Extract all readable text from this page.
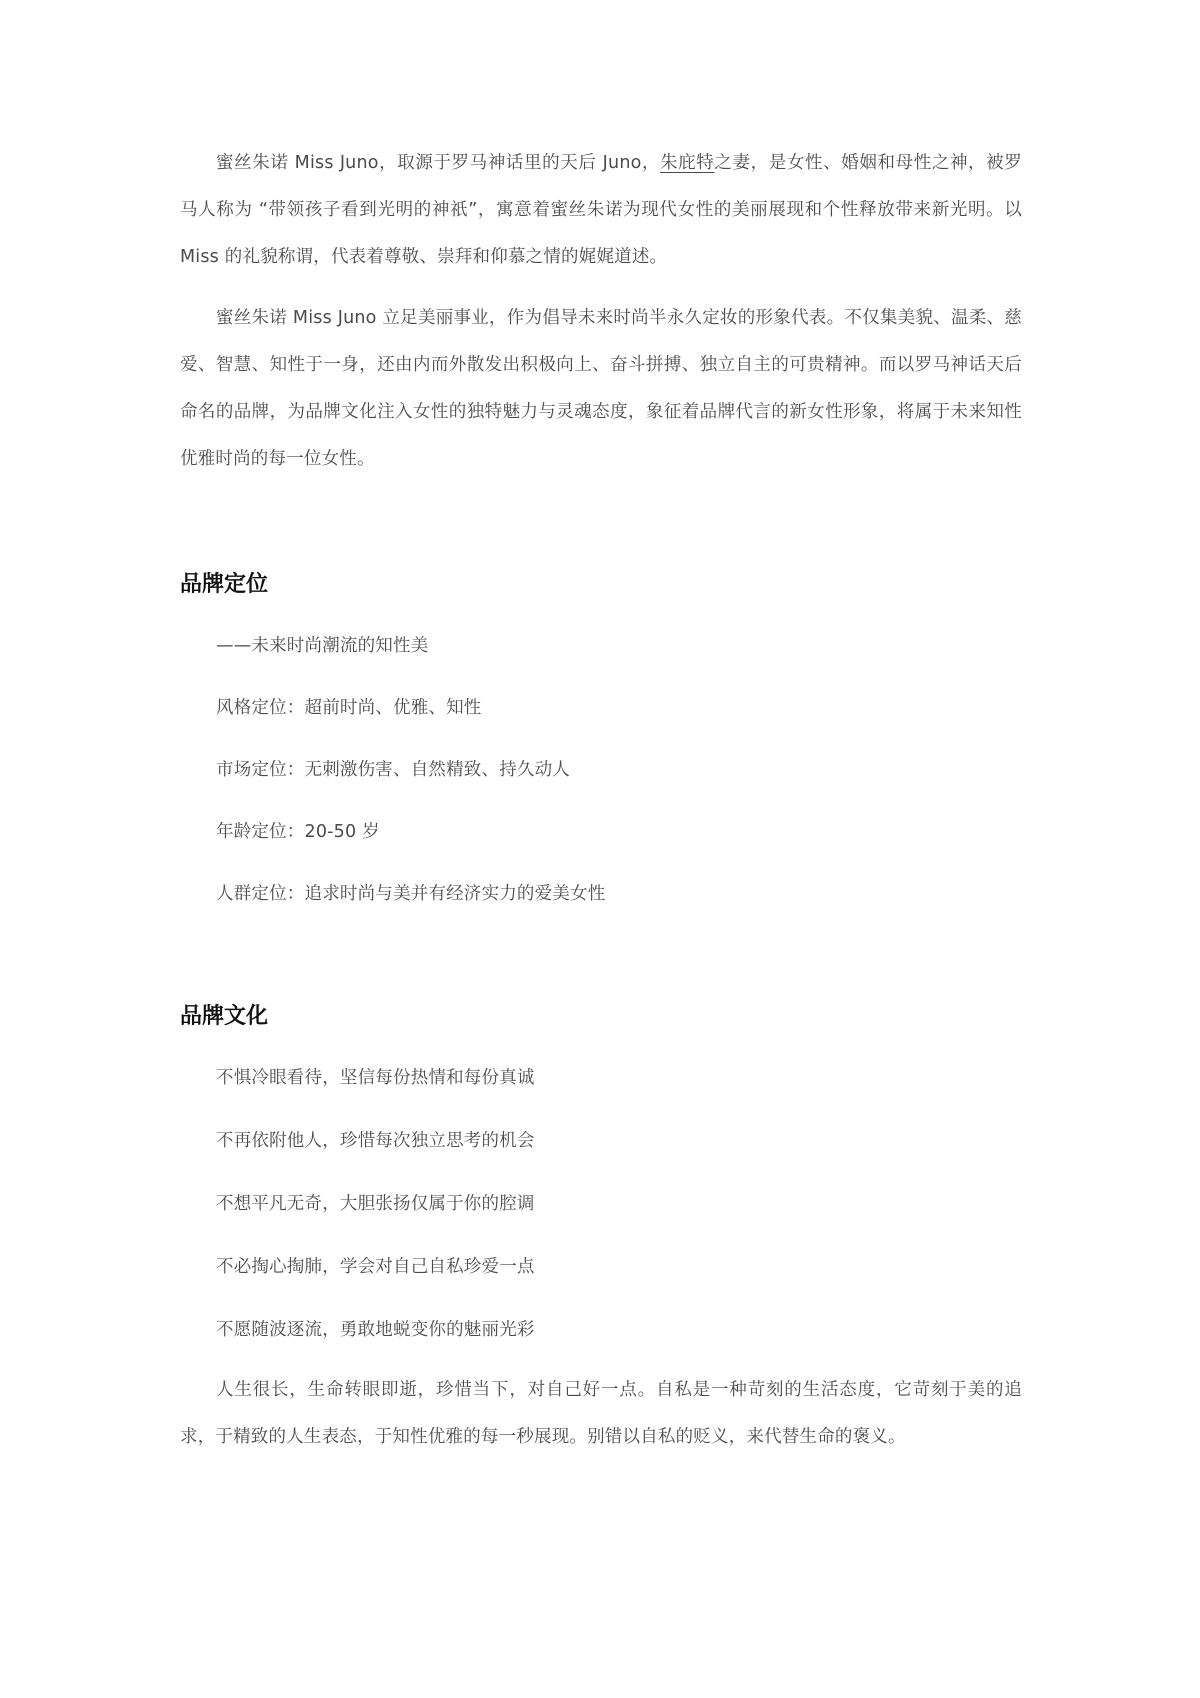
蜜丝朱诺 Miss Juno，取源于罗马神话里的天后 Juno，朱庇特之妻，是女性、婚姻和母性之神，被罗马人称为 “带领孩子看到光明的神祇”，寓意着蜜丝朱诺为现代女性的美丽展现和个性释放带来新光明。以 Miss 的礼貌称谓，代表着尊敬、崇拜和仰慕之情的娓娓道述。

蜜丝朱诺 Miss Juno 立足美丽事业，作为倡导未来时尚半永久定妆的形象代表。不仅集美貌、温柔、慈爱、智慧、知性于一身，还由内而外散发出积极向上、奋斗拼搏、独立自主的可贵精神。而以罗马神话天后命名的品牌，为品牌文化注入女性的独特魅力与灵魂态度，象征着品牌代言的新女性形象，将属于未来知性优雅时尚的每一位女性。

品牌定位

——未来时尚潮流的知性美

风格定位：超前时尚、优雅、知性

市场定位：无刺激伤害、自然精致、持久动人

年龄定位：20-50 岁

人群定位：追求时尚与美并有经济实力的爱美女性

品牌文化

不惧冷眼看待，坚信每份热情和每份真诚

不再依附他人，珍惜每次独立思考的机会

不想平凡无奇，大胆张扬仅属于你的腔调

不必掏心掏肺，学会对自己自私珍爱一点

不愿随波逐流，勇敢地蜕变你的魅丽光彩

人生很长，生命转眼即逝，珍惜当下，对自己好一点。自私是一种苛刻的生活态度，它苛刻于美的追求，于精致的人生表态，于知性优雅的每一秒展现。别错以自私的贬义，来代替生命的褒义。
